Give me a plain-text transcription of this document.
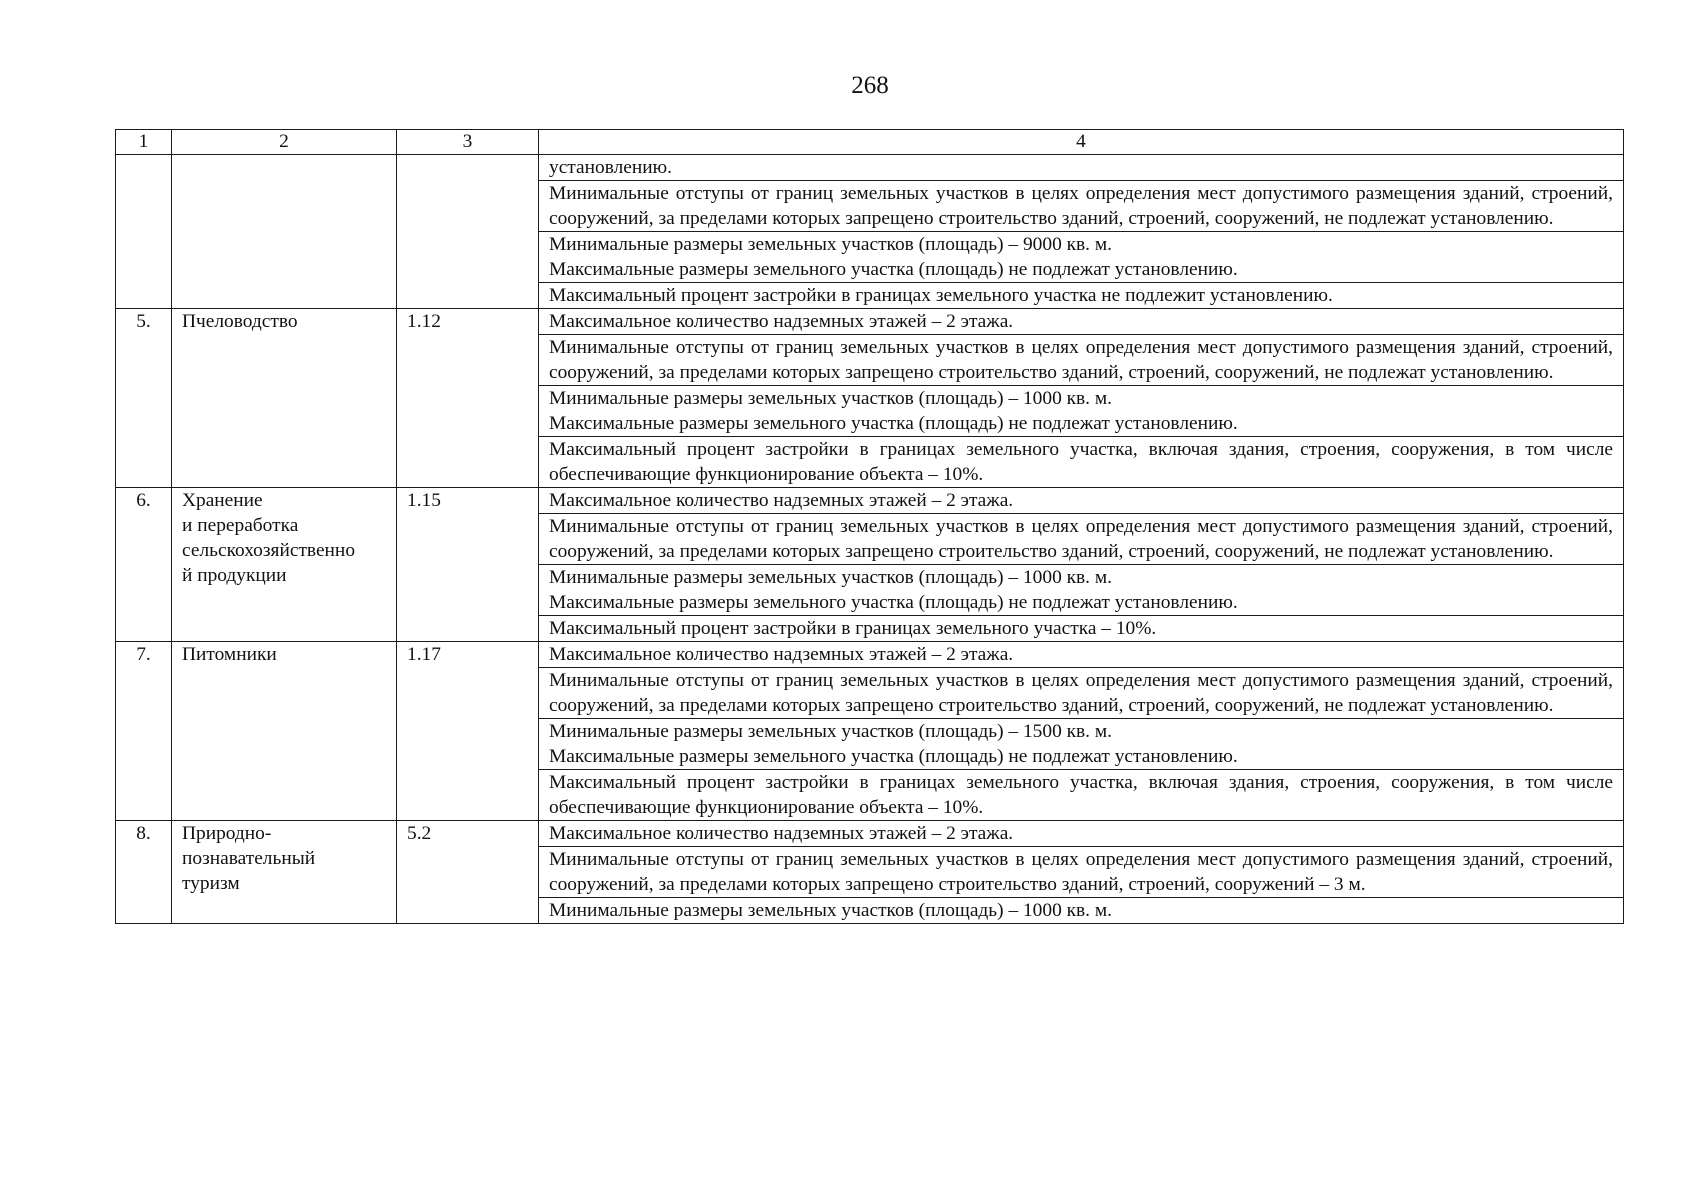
268
1	2	3	4

			установлению.

			Минимальные отступы от границ земельных участков в целях определения мест допустимого размещения зданий, строений, сооружений, за пределами которых запрещено строительство зданий, строений, сооружений, не подлежат установлению.

			Минимальные размеры земельных участков (площадь) – 9000 кв. м.
Максимальные размеры земельного участка (площадь) не подлежат установлению.

			Максимальный процент застройки в границах земельного участка не подлежит установлению.

5.	Пчеловодство	1.12	Максимальное количество надземных этажей – 2 этажа.

			Минимальные отступы от границ земельных участков в целях определения мест допустимого размещения зданий, строений, сооружений, за пределами которых запрещено строительство зданий, строений, сооружений, не подлежат установлению.

			Минимальные размеры земельных участков (площадь) – 1000 кв. м.
Максимальные размеры земельного участка (площадь) не подлежат установлению.

			Максимальный процент застройки в границах земельного участка, включая здания, строения, сооружения, в том числе обеспечивающие функционирование объекта – 10%.

6.	Хранение
и переработка
сельскохозяйственно
й продукции	1.15	Максимальное количество надземных этажей – 2 этажа.

			Минимальные отступы от границ земельных участков в целях определения мест допустимого размещения зданий, строений, сооружений, за пределами которых запрещено строительство зданий, строений, сооружений, не подлежат установлению.

			Минимальные размеры земельных участков (площадь) – 1000 кв. м.
Максимальные размеры земельного участка (площадь) не подлежат установлению.

			Максимальный процент застройки в границах земельного участка – 10%.

7.	Питомники	1.17	Максимальное количество надземных этажей – 2 этажа.

			Минимальные отступы от границ земельных участков в целях определения мест допустимого размещения зданий, строений, сооружений, за пределами которых запрещено строительство зданий, строений, сооружений, не подлежат установлению.

			Минимальные размеры земельных участков (площадь) – 1500 кв. м.
Максимальные размеры земельного участка (площадь) не подлежат установлению.

			Максимальный процент застройки в границах земельного участка, включая здания, строения, сооружения, в том числе обеспечивающие функционирование объекта – 10%.

8.	Природно-
познавательный
туризм	5.2	Максимальное количество надземных этажей – 2 этажа.

			Минимальные отступы от границ земельных участков в целях определения мест допустимого размещения зданий, строений, сооружений, за пределами которых запрещено строительство зданий, строений, сооружений – 3 м.

			Минимальные размеры земельных участков (площадь) – 1000 кв. м.
